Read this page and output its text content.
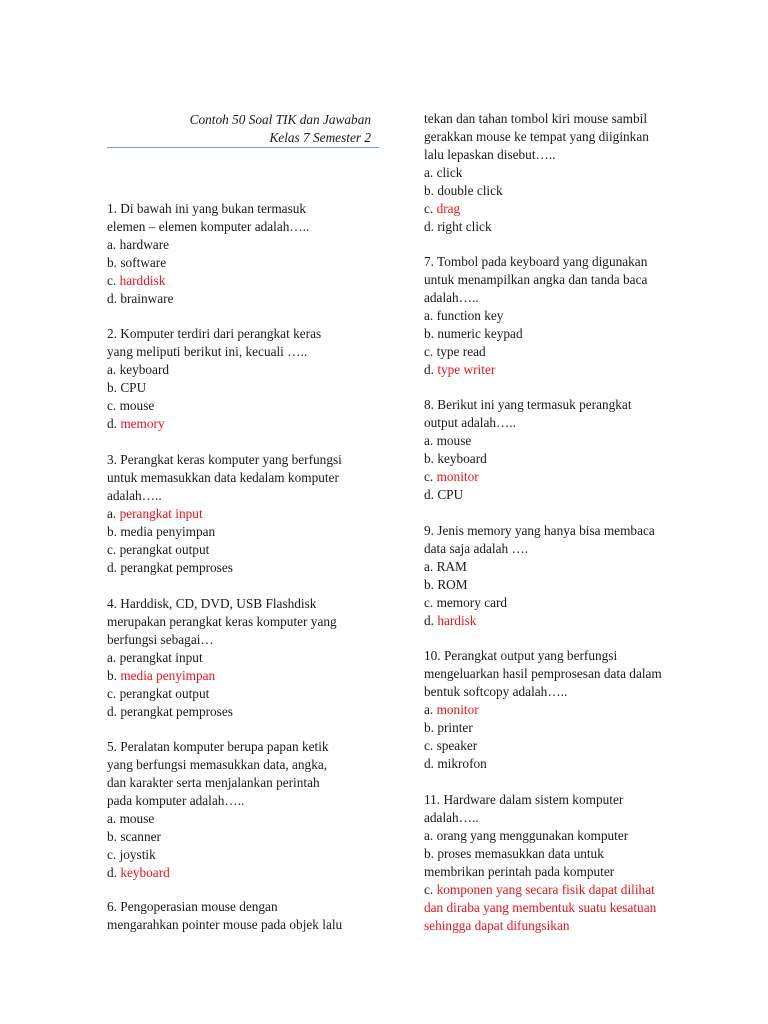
Contoh 50 Soal TIK dan Jawaban
Kelas 7 Semester 2
1. Di bawah ini yang bukan termasuk
elemen – elemen komputer adalah…..
a. hardware
b. software
c. harddisk
d. brainware
2. Komputer terdiri dari perangkat keras
yang meliputi berikut ini, kecuali …..
a. keyboard
b. CPU
c. mouse
d. memory
3. Perangkat keras komputer yang berfungsi
untuk memasukkan data kedalam komputer
adalah…..
a. perangkat input
b. media penyimpan
c. perangkat output
d. perangkat pemproses
4. Harddisk, CD, DVD, USB Flashdisk
merupakan perangkat keras komputer yang
berfungsi sebagai…
a. perangkat input
b. media penyimpan
c. perangkat output
d. perangkat pemproses
5. Peralatan komputer berupa papan ketik
yang berfungsi memasukkan data, angka,
dan karakter serta menjalankan perintah
pada komputer adalah…..
a. mouse
b. scanner
c. joystik
d. keyboard
6. Pengoperasian mouse dengan
mengarahkan pointer mouse pada objek lalu
tekan dan tahan tombol kiri mouse sambil
gerakkan mouse ke tempat yang diiginkan
lalu lepaskan disebut…..
a. click
b. double click
c. drag
d. right click
7. Tombol pada keyboard yang digunakan
untuk menampilkan angka dan tanda baca
adalah…..
a. function key
b. numeric keypad
c. type read
d. type writer
8. Berikut ini yang termasuk perangkat
output adalah…..
a. mouse
b. keyboard
c. monitor
d. CPU
9. Jenis memory yang hanya bisa membaca
data saja adalah ….
a. RAM
b. ROM
c. memory card
d. hardisk
10. Perangkat output yang berfungsi
mengeluarkan hasil pemprosesan data dalam
bentuk softcopy adalah…..
a. monitor
b. printer
c. speaker
d. mikrofon
11. Hardware dalam sistem komputer
adalah…..
a. orang yang menggunakan komputer
b. proses memasukkan data untuk
membrikan perintah pada komputer
c. komponen yang secara fisik dapat dilihat
dan diraba yang membentuk suatu kesatuan
sehingga dapat difungsikan
